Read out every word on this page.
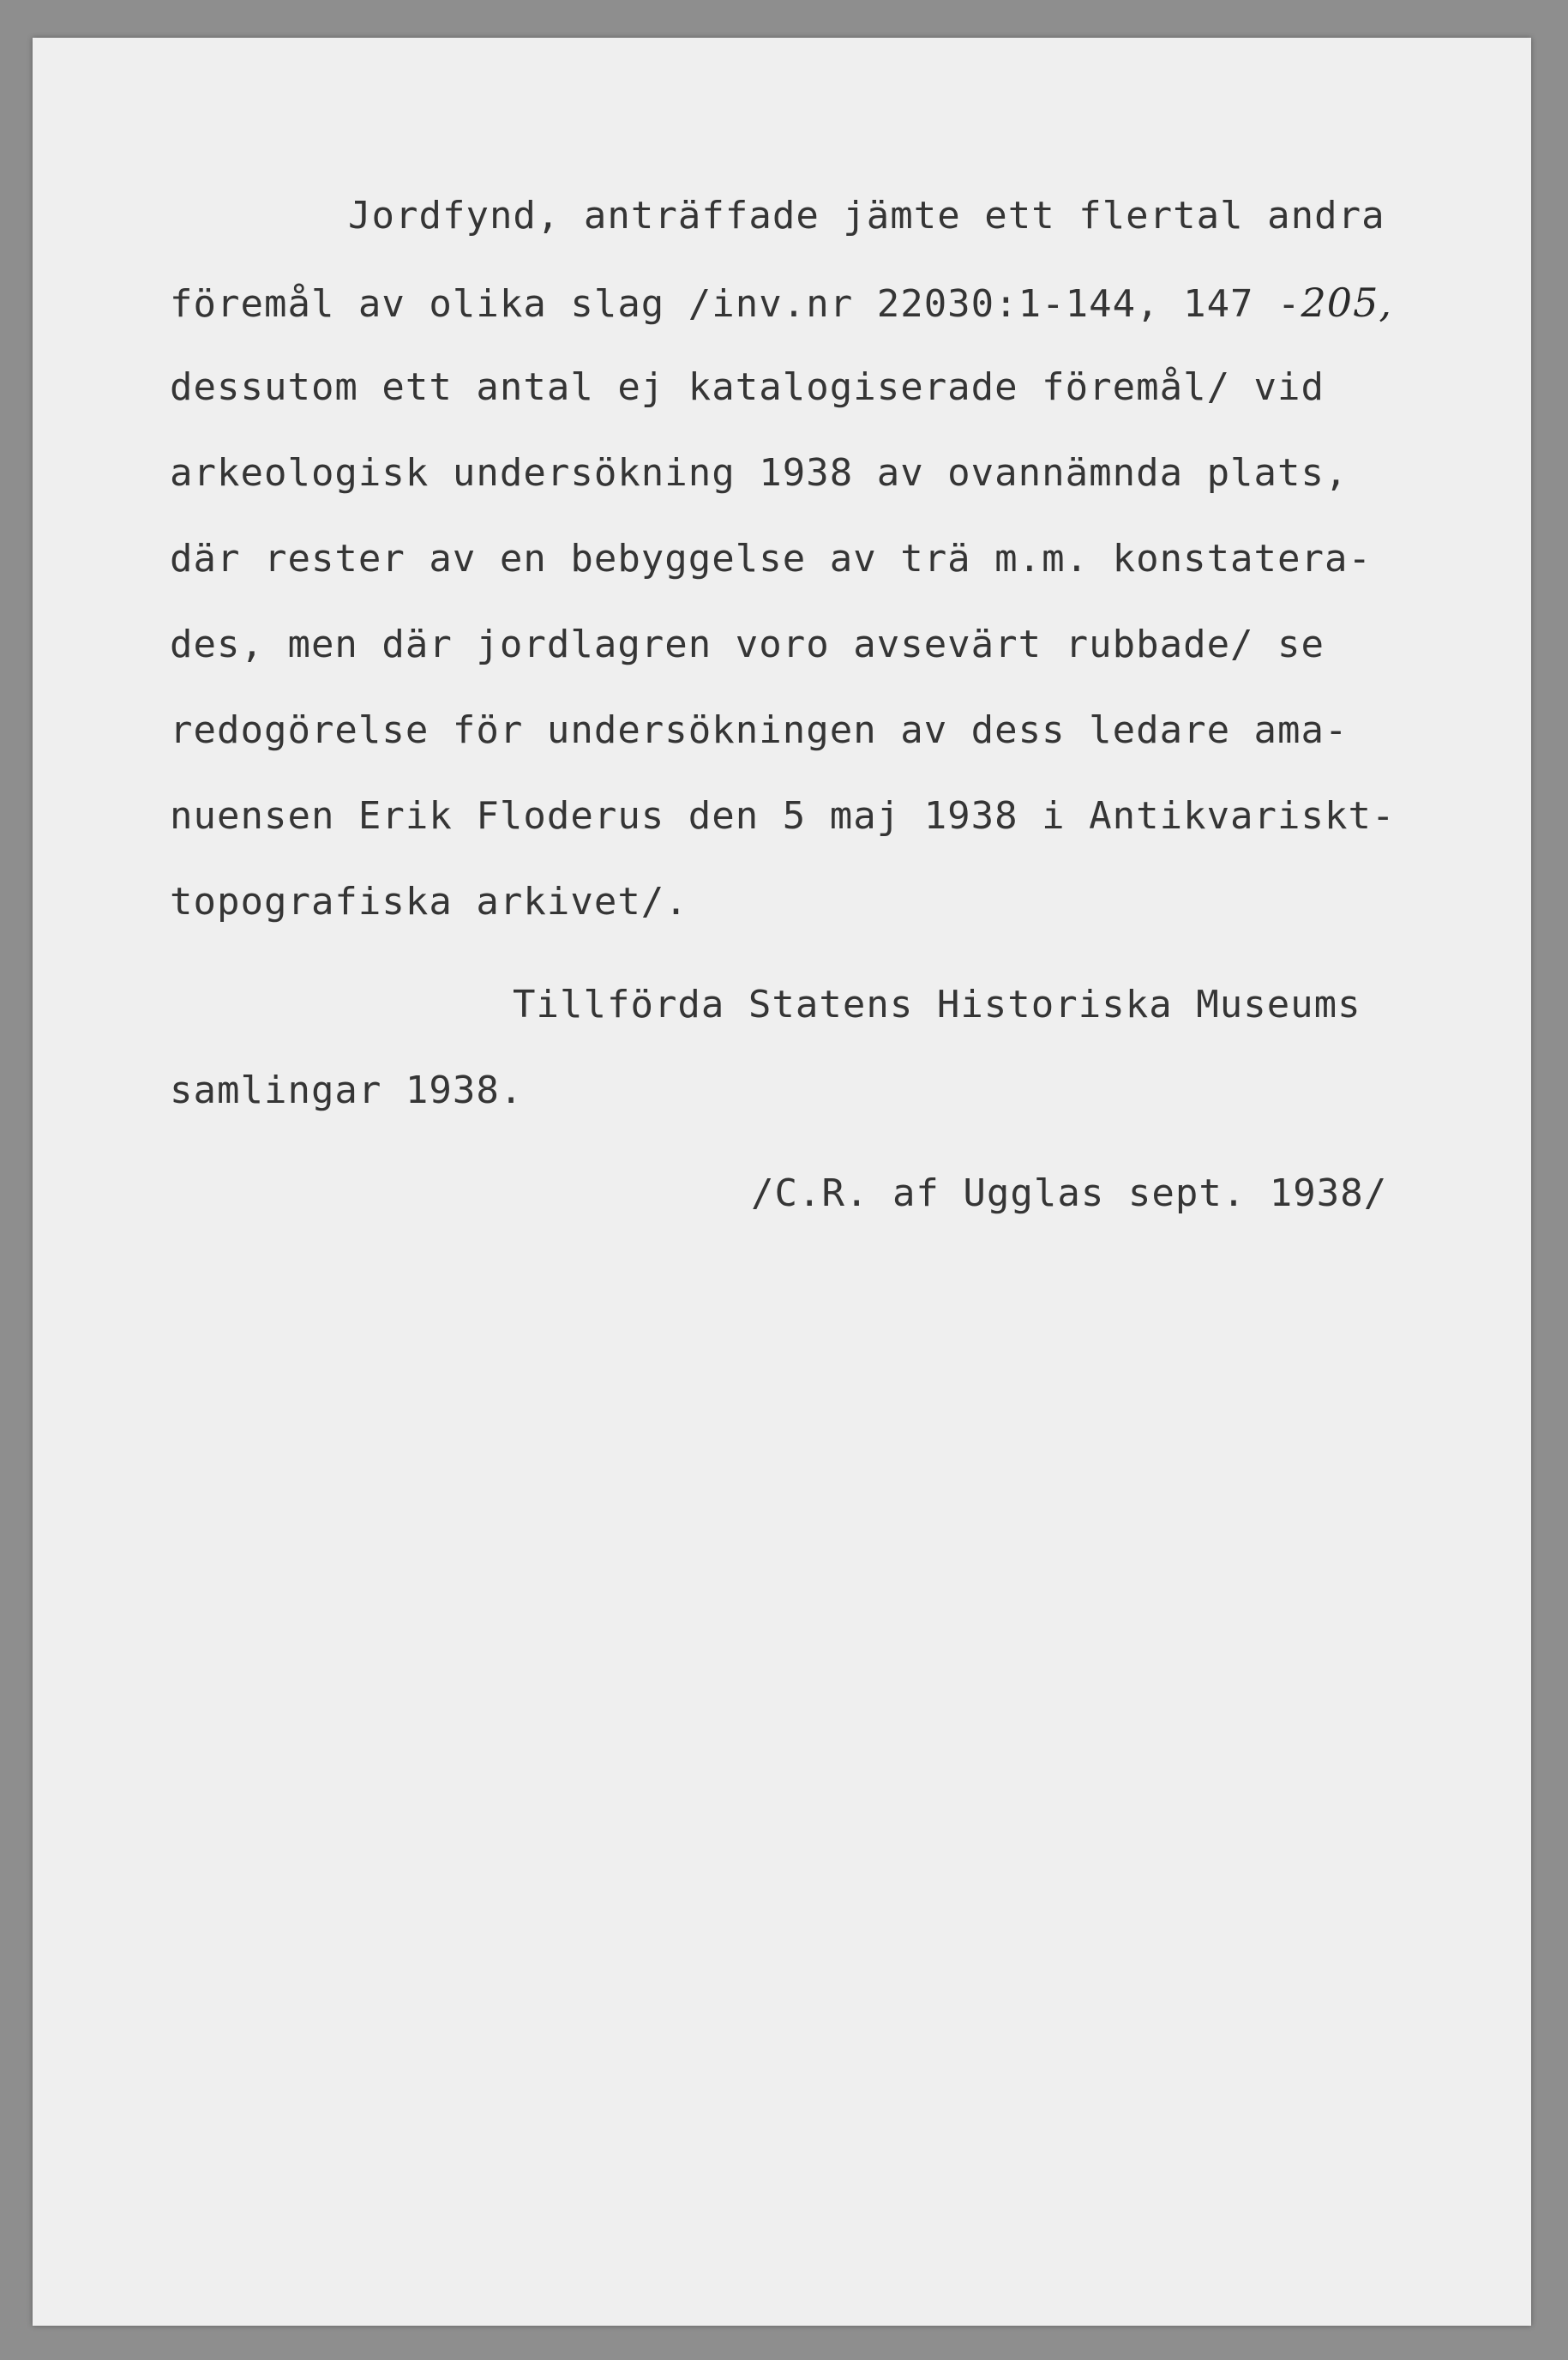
Jordfynd, anträffade jämte ett flertal andra
föremål av olika slag /inv.nr 22030:1-144, 147 -205,
dessutom ett antal ej katalogiserade föremål/ vid
arkeologisk undersökning 1938 av ovannämnda plats,
där rester av en bebyggelse av trä m.m. konstatera-
des, men där jordlagren voro avsevärt rubbade/ se
redogörelse för undersökningen av dess ledare ama-
nuensen Erik Floderus den 5 maj 1938 i Antikvariskt-
topografiska arkivet/.
Tillförda Statens Historiska Museums
samlingar 1938.
/C.R. af Ugglas sept. 1938/
